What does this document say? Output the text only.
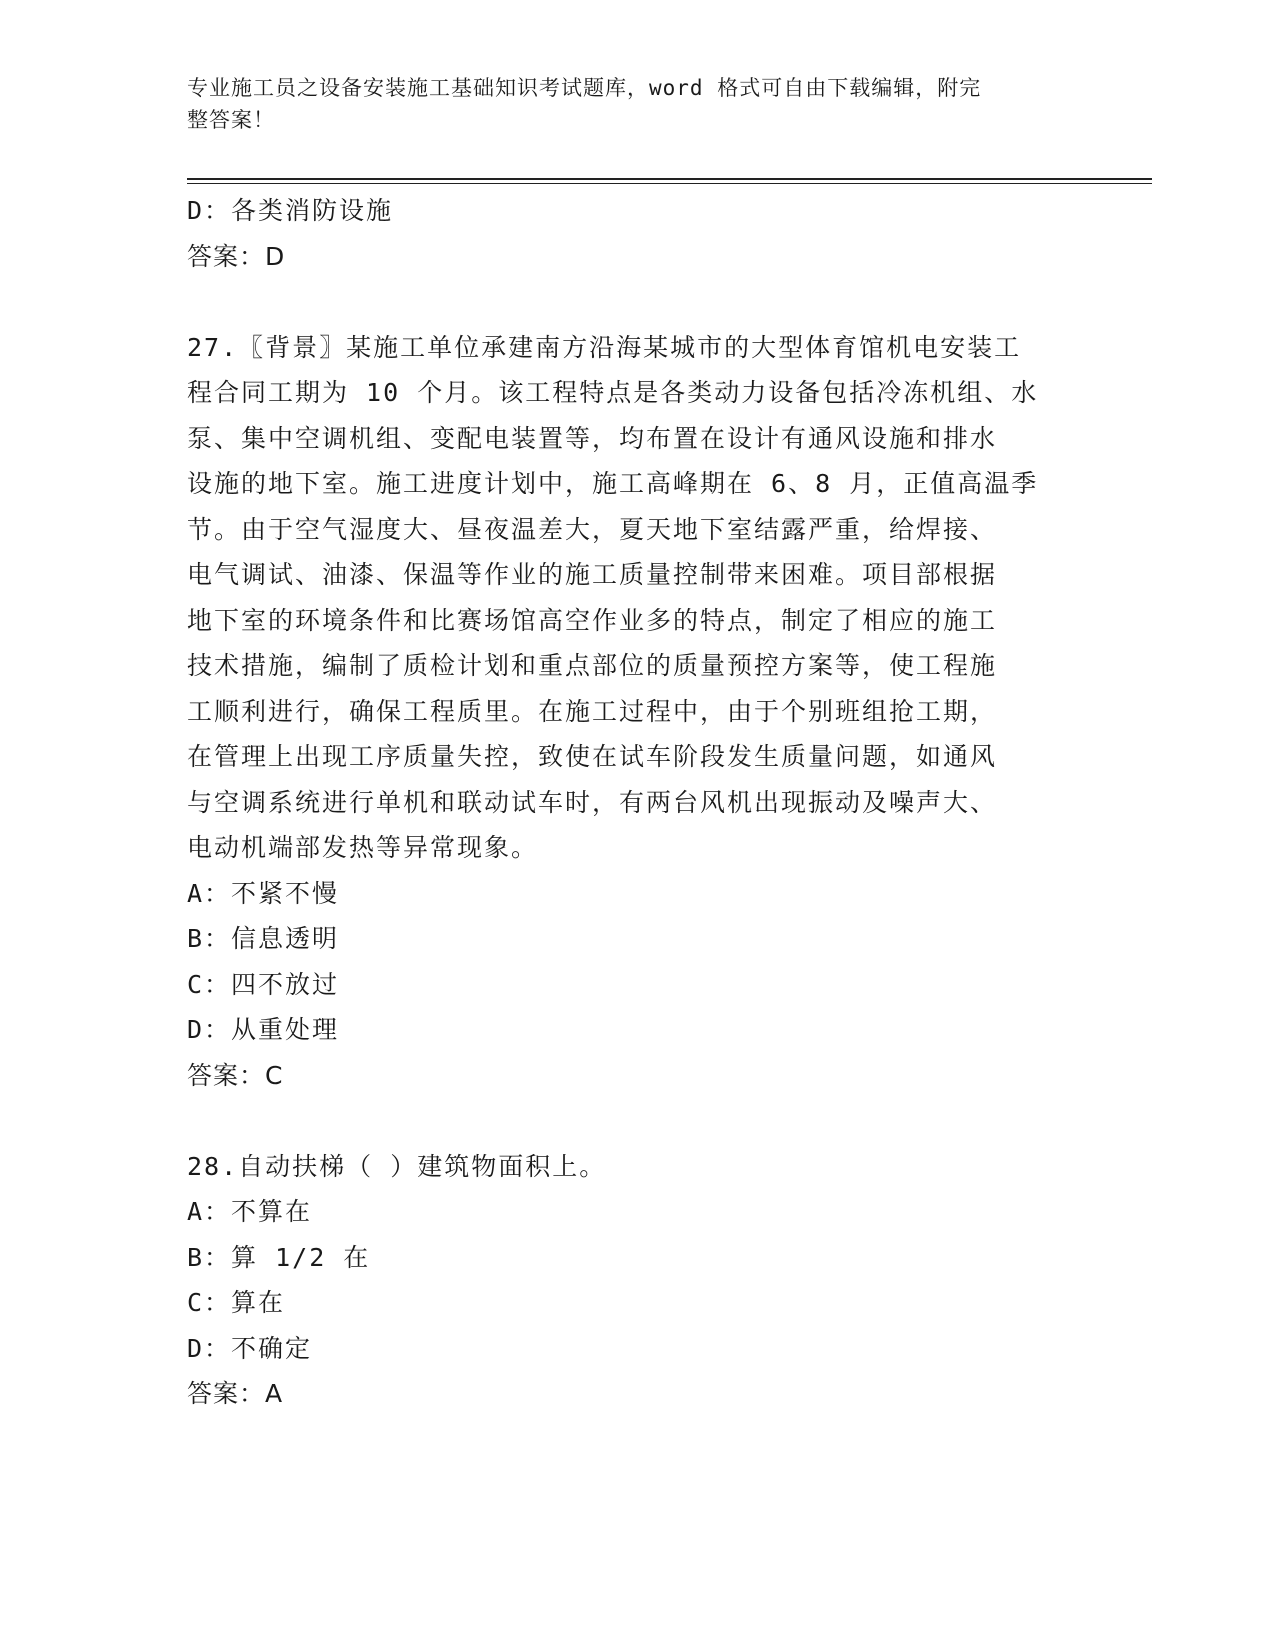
专业施工员之设备安装施工基础知识考试题库，word 格式可自由下载编辑，附完
整答案！
D：各类消防设施
答案：D
27.〖背景〗某施工单位承建南方沿海某城市的大型体育馆机电安装工
程合同工期为 10 个月。该工程特点是各类动力设备包括冷冻机组、水
泵、集中空调机组、变配电装置等，均布置在设计有通风设施和排水
设施的地下室。施工进度计划中，施工高峰期在 6、8 月，正值高温季
节。由于空气湿度大、昼夜温差大，夏天地下室结露严重，给焊接、
电气调试、油漆、保温等作业的施工质量控制带来困难。项目部根据
地下室的环境条件和比赛场馆高空作业多的特点，制定了相应的施工
技术措施，编制了质检计划和重点部位的质量预控方案等，使工程施
工顺利进行，确保工程质里。在施工过程中，由于个别班组抢工期，
在管理上出现工序质量失控，致使在试车阶段发生质量问题，如通风
与空调系统进行单机和联动试车时，有两台风机出现振动及噪声大、
电动机端部发热等异常现象。
A：不紧不慢
B：信息透明
C：四不放过
D：从重处理
答案：C
28.自动扶梯（ ）建筑物面积上。
A：不算在
B：算 1/2 在
C：算在
D：不确定
答案：A
